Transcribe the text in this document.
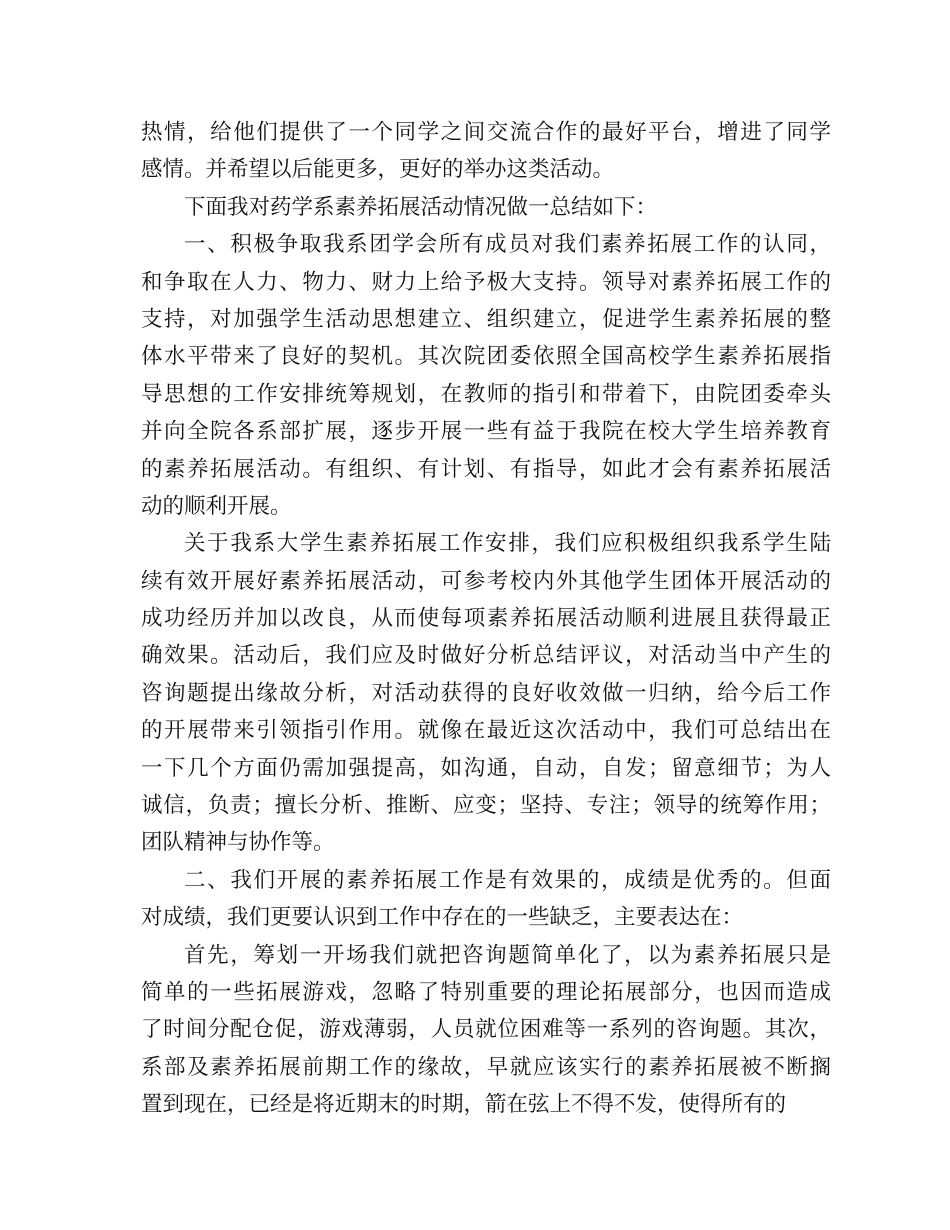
热情，给他们提供了一个同学之间交流合作的最好平台，增进了同学
感情。并希望以后能更多，更好的举办这类活动。
下面我对药学系素养拓展活动情况做一总结如下：
一、积极争取我系团学会所有成员对我们素养拓展工作的认同，
和争取在人力、物力、财力上给予极大支持。领导对素养拓展工作的
支持，对加强学生活动思想建立、组织建立，促进学生素养拓展的整
体水平带来了良好的契机。其次院团委依照全国高校学生素养拓展指
导思想的工作安排统筹规划，在教师的指引和带着下，由院团委牵头
并向全院各系部扩展，逐步开展一些有益于我院在校大学生培养教育
的素养拓展活动。有组织、有计划、有指导，如此才会有素养拓展活
动的顺利开展。
关于我系大学生素养拓展工作安排，我们应积极组织我系学生陆
续有效开展好素养拓展活动，可参考校内外其他学生团体开展活动的
成功经历并加以改良，从而使每项素养拓展活动顺利进展且获得最正
确效果。活动后，我们应及时做好分析总结评议，对活动当中产生的
咨询题提出缘故分析，对活动获得的良好收效做一归纳，给今后工作
的开展带来引领指引作用。就像在最近这次活动中，我们可总结出在
一下几个方面仍需加强提高，如沟通，自动，自发；留意细节；为人
诚信，负责；擅长分析、推断、应变；坚持、专注；领导的统筹作用；
团队精神与协作等。
二、我们开展的素养拓展工作是有效果的，成绩是优秀的。但面
对成绩，我们更要认识到工作中存在的一些缺乏，主要表达在：
首先，筹划一开场我们就把咨询题简单化了，以为素养拓展只是
简单的一些拓展游戏，忽略了特别重要的理论拓展部分，也因而造成
了时间分配仓促，游戏薄弱，人员就位困难等一系列的咨询题。其次，
系部及素养拓展前期工作的缘故，早就应该实行的素养拓展被不断搁
置到现在，已经是将近期末的时期，箭在弦上不得不发，使得所有的
